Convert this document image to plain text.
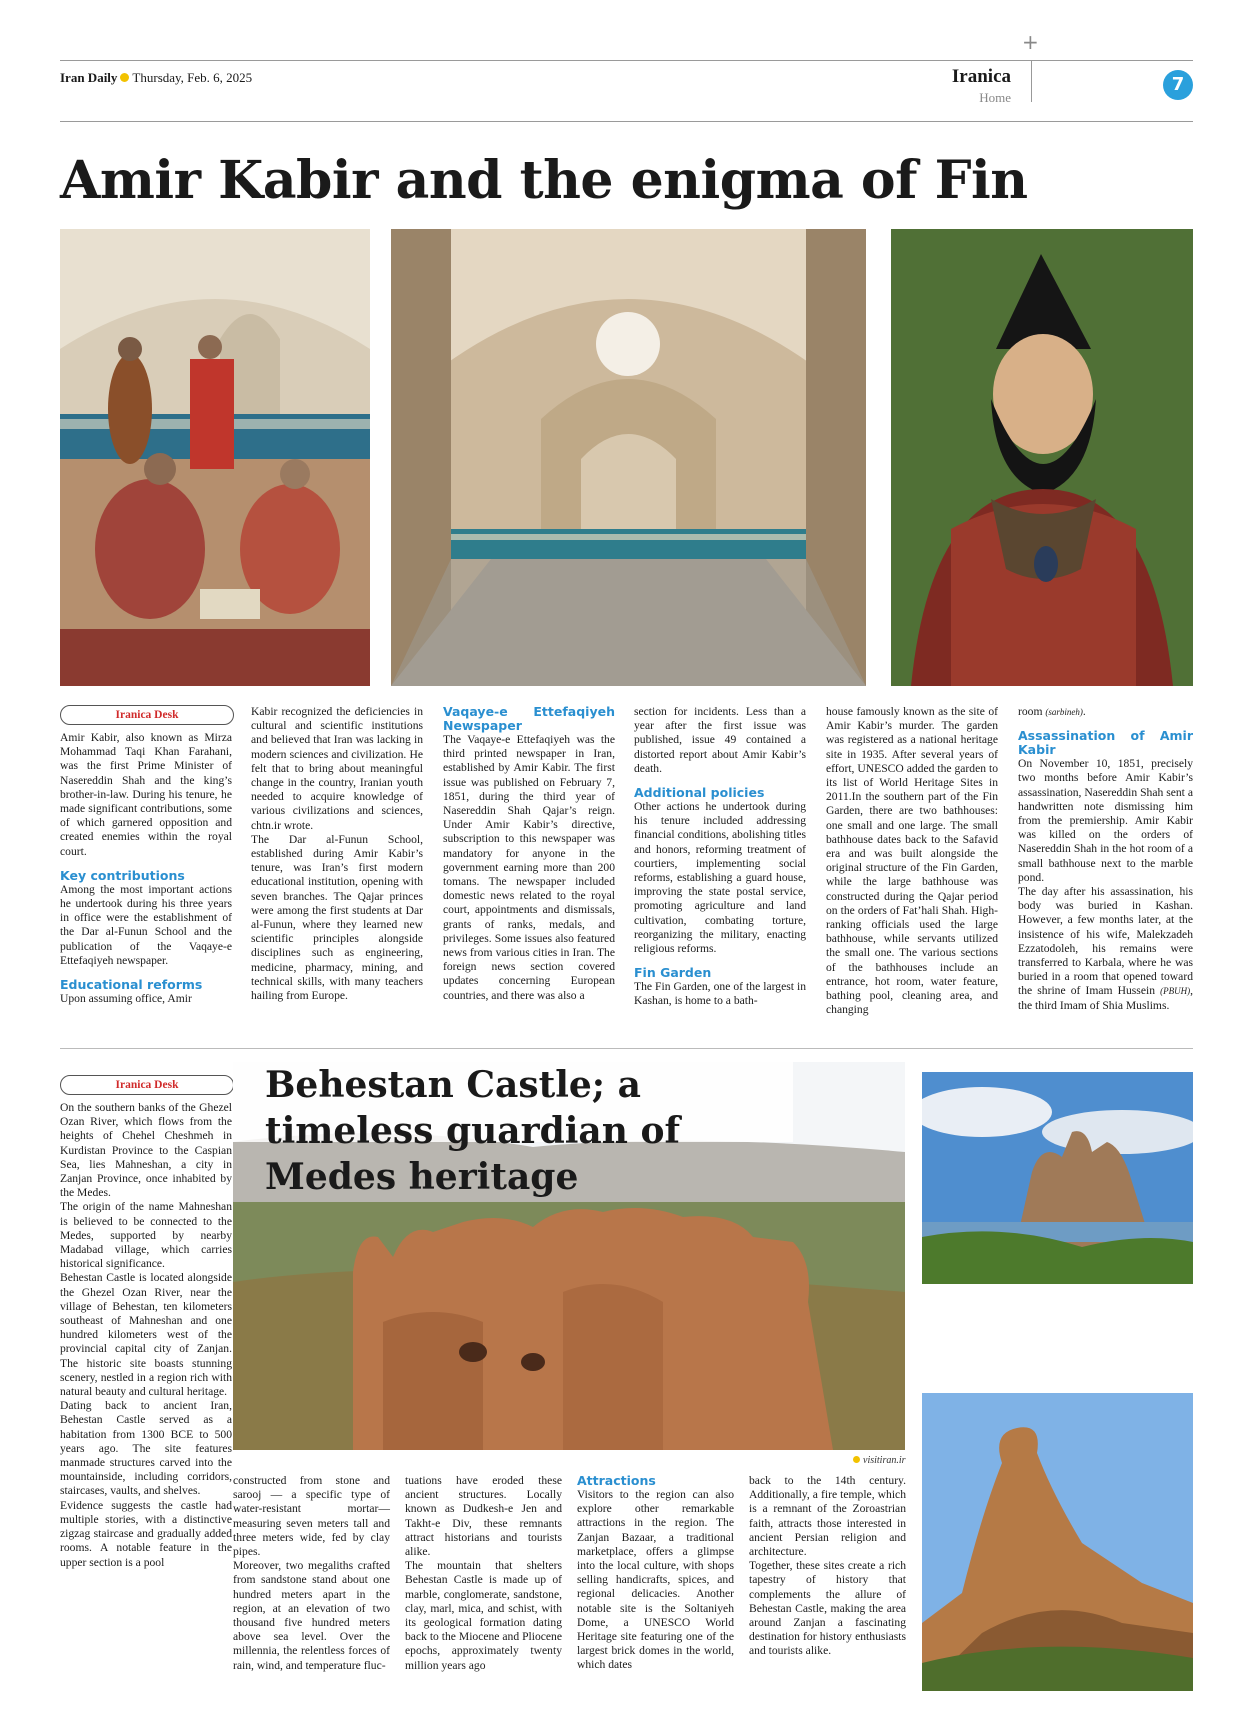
Iran Daily Thursday, Feb. 6, 2025
+
Iranica
Home
7
Amir Kabir and the enigma of Fin
Iranica Desk

Amir Kabir, also known as Mirza Mohammad Taqi Khan Farahani, was the first Prime Minister of Nasereddin Shah and the king’s brother-in-law. During his tenure, he made significant contributions, some of which garnered opposition and created enemies within the royal court.

Key contributions

Among the most important actions he undertook during his three years in office were the establishment of the Dar al-Funun School and the publication of the Vaqaye-e Ettefaqiyeh newspaper.

Educational reforms

Upon assuming office, Amir

Kabir recognized the deficiencies in cultural and scientific institutions and believed that Iran was lacking in modern sciences and civilization. He felt that to bring about meaningful change in the country, Iranian youth needed to acquire knowledge of various civilizations and sciences, chtn.ir wrote.

The Dar al-Funun School, established during Amir Kabir’s tenure, was Iran’s first modern educational institution, opening with seven branches. The Qajar princes were among the first students at Dar al-Funun, where they learned new scientific principles alongside disciplines such as engineering, medicine, pharmacy, mining, and technical skills, with many teachers hailing from Europe.

Vaqaye-e Ettefaqiyeh Newspaper

The Vaqaye-e Ettefaqiyeh was the third printed newspaper in Iran, established by Amir Kabir. The first issue was published on February 7, 1851, during the third year of Nasereddin Shah Qajar’s reign. Under Amir Kabir’s directive, subscription to this newspaper was mandatory for anyone in the government earning more than 200 tomans. The newspaper included domestic news related to the royal court, appointments and dismissals, grants of ranks, medals, and privileges. Some issues also featured news from various cities in Iran. The foreign news section covered updates concerning European countries, and there was also a

section for incidents. Less than a year after the first issue was published, issue 49 contained a distorted report about Amir Kabir’s death.

Additional policies

Other actions he undertook during his tenure included addressing financial conditions, abolishing titles and honors, reforming treatment of courtiers, implementing social reforms, establishing a guard house, improving the state postal service, promoting agriculture and land cultivation, combating torture, reorganizing the military, enacting religious reforms.

Fin Garden

The Fin Garden, one of the largest in Kashan, is home to a bath-

house famously known as the site of Amir Kabir’s murder. The garden was registered as a national heritage site in 1935. After several years of effort, UNESCO added the garden to its list of World Heritage Sites in 2011.In the southern part of the Fin Garden, there are two bathhouses: one small and one large. The small bathhouse dates back to the Safavid era and was built alongside the original structure of the Fin Garden, while the large bathhouse was constructed during the Qajar period on the orders of Fat’hali Shah. High-ranking officials used the large bathhouse, while servants utilized the small one. The various sections of the bathhouses include an entrance, hot room, water feature, bathing pool, cleaning area, and changing

room (sarbineh).

Assassination of Amir Kabir

On November 10, 1851, precisely two months before Amir Kabir’s assassination, Nasereddin Shah sent a handwritten note dismissing him from the premiership. Amir Kabir was killed on the orders of Nasereddin Shah in the hot room of a small bathhouse next to the marble pond.

The day after his assassination, his body was buried in Kashan. However, a few months later, at the insistence of his wife, Malekzadeh Ezzatodoleh, his remains were transferred to Karbala, where he was buried in a room that opened toward the shrine of Imam Hussein (PBUH), the third Imam of Shia Muslims.

Iranica Desk	Behestan Castle; a timeless guardian of Medes heritage
visitiran.ir

On the southern banks of the Ghezel Ozan River, which flows from the heights of Chehel Cheshmeh in Kurdistan Province to the Caspian Sea, lies Mahneshan, a city in Zanjan Province, once inhabited by the Medes.

The origin of the name Mahneshan is believed to be connected to the Medes, supported by nearby Madabad village, which carries historical significance.

Behestan Castle is located alongside the Ghezel Ozan River, near the village of Behestan, ten kilometers southeast of Mahneshan and one hundred kilometers west of the provincial capital city of Zanjan. The historic site boasts stunning scenery, nestled in a region rich with natural beauty and cultural heritage.

Dating back to ancient Iran, Behestan Castle served as a habitation from 1300 BCE to 500 years ago. The site features manmade structures carved into the mountainside, including corridors, staircases, vaults, and shelves.

Evidence suggests the castle had multiple stories, with a distinctive zigzag staircase and gradually added rooms. A notable feature in the upper section is a pool

constructed from stone and sarooj — a specific type of water-resistant mortar— measuring seven meters tall and three meters wide, fed by clay pipes.

Moreover, two megaliths crafted from sandstone stand about one hundred meters apart in the region, at an elevation of two thousand five hundred meters above sea level. Over the millennia, the relentless forces of rain, wind, and temperature fluc-

tuations have eroded these ancient structures. Locally known as Dudkesh-e Jen and Takht-e Div, these remnants attract historians and tourists alike.

The mountain that shelters Behestan Castle is made up of marble, conglomerate, sandstone, clay, marl, mica, and schist, with its geological formation dating back to the Miocene and Pliocene epochs, approximately twenty million years ago

Attractions

Visitors to the region can also explore other remarkable attractions in the region. The Zanjan Bazaar, a traditional marketplace, offers a glimpse into the local culture, with shops selling handicrafts, spices, and regional delicacies. Another notable site is the Soltaniyeh Dome, a UNESCO World Heritage site featuring one of the largest brick domes in the world, which dates

back to the 14th century. Additionally, a fire temple, which is a remnant of the Zoroastrian faith, attracts those interested in ancient Persian religion and architecture.

Together, these sites create a rich tapestry of history that complements the allure of Behestan Castle, making the area around Zanjan a fascinating destination for history enthusiasts and tourists alike.
